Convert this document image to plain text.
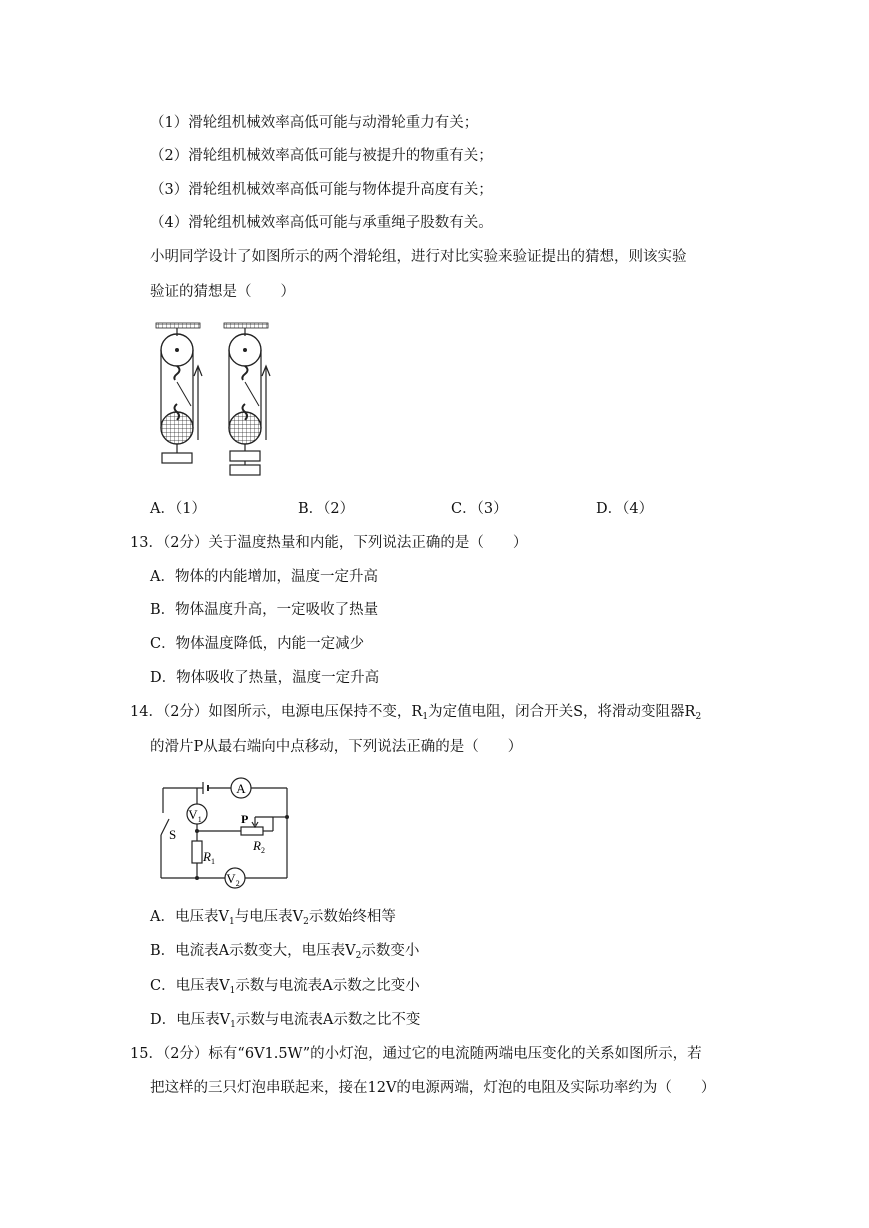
（1）滑轮组机械效率高低可能与动滑轮重力有关；
（2）滑轮组机械效率高低可能与被提升的物重有关；
（3）滑轮组机械效率高低可能与物体提升高度有关；
（4）滑轮组机械效率高低可能与承重绳子股数有关。
小明同学设计了如图所示的两个滑轮组，进行对比实验来验证提出的猜想，则该实验
验证的猜想是（　　）
A．（1）	B．（2）	C．（3）	D．（4）
13．（2分）关于温度热量和内能，下列说法正确的是（　　）
A．物体的内能增加，温度一定升高
B．物体温度升高，一定吸收了热量
C．物体温度降低，内能一定减少
D．物体吸收了热量，温度一定升高
14．（2分）如图所示，电源电压保持不变，$R_1$为定值电阻，闭合开关S，将滑动变阻器$R_2$
的滑片P从最右端向中点移动，下列说法正确的是（　　）
A
$V_1$
$R_1$
P
$R_2$
S
$V_2$
A．电压表$V_1$与电压表$V_2$示数始终相等
B．电流表A示数变大，电压表$V_2$示数变小
C．电压表$V_1$示数与电流表A示数之比变小
D．电压表$V_1$示数与电流表A示数之比不变
15．（2分）标有“6V1.5W”的小灯泡，通过它的电流随两端电压变化的关系如图所示，若
把这样的三只灯泡串联起来，接在12V的电源两端，灯泡的电阻及实际功率约为（　　）
